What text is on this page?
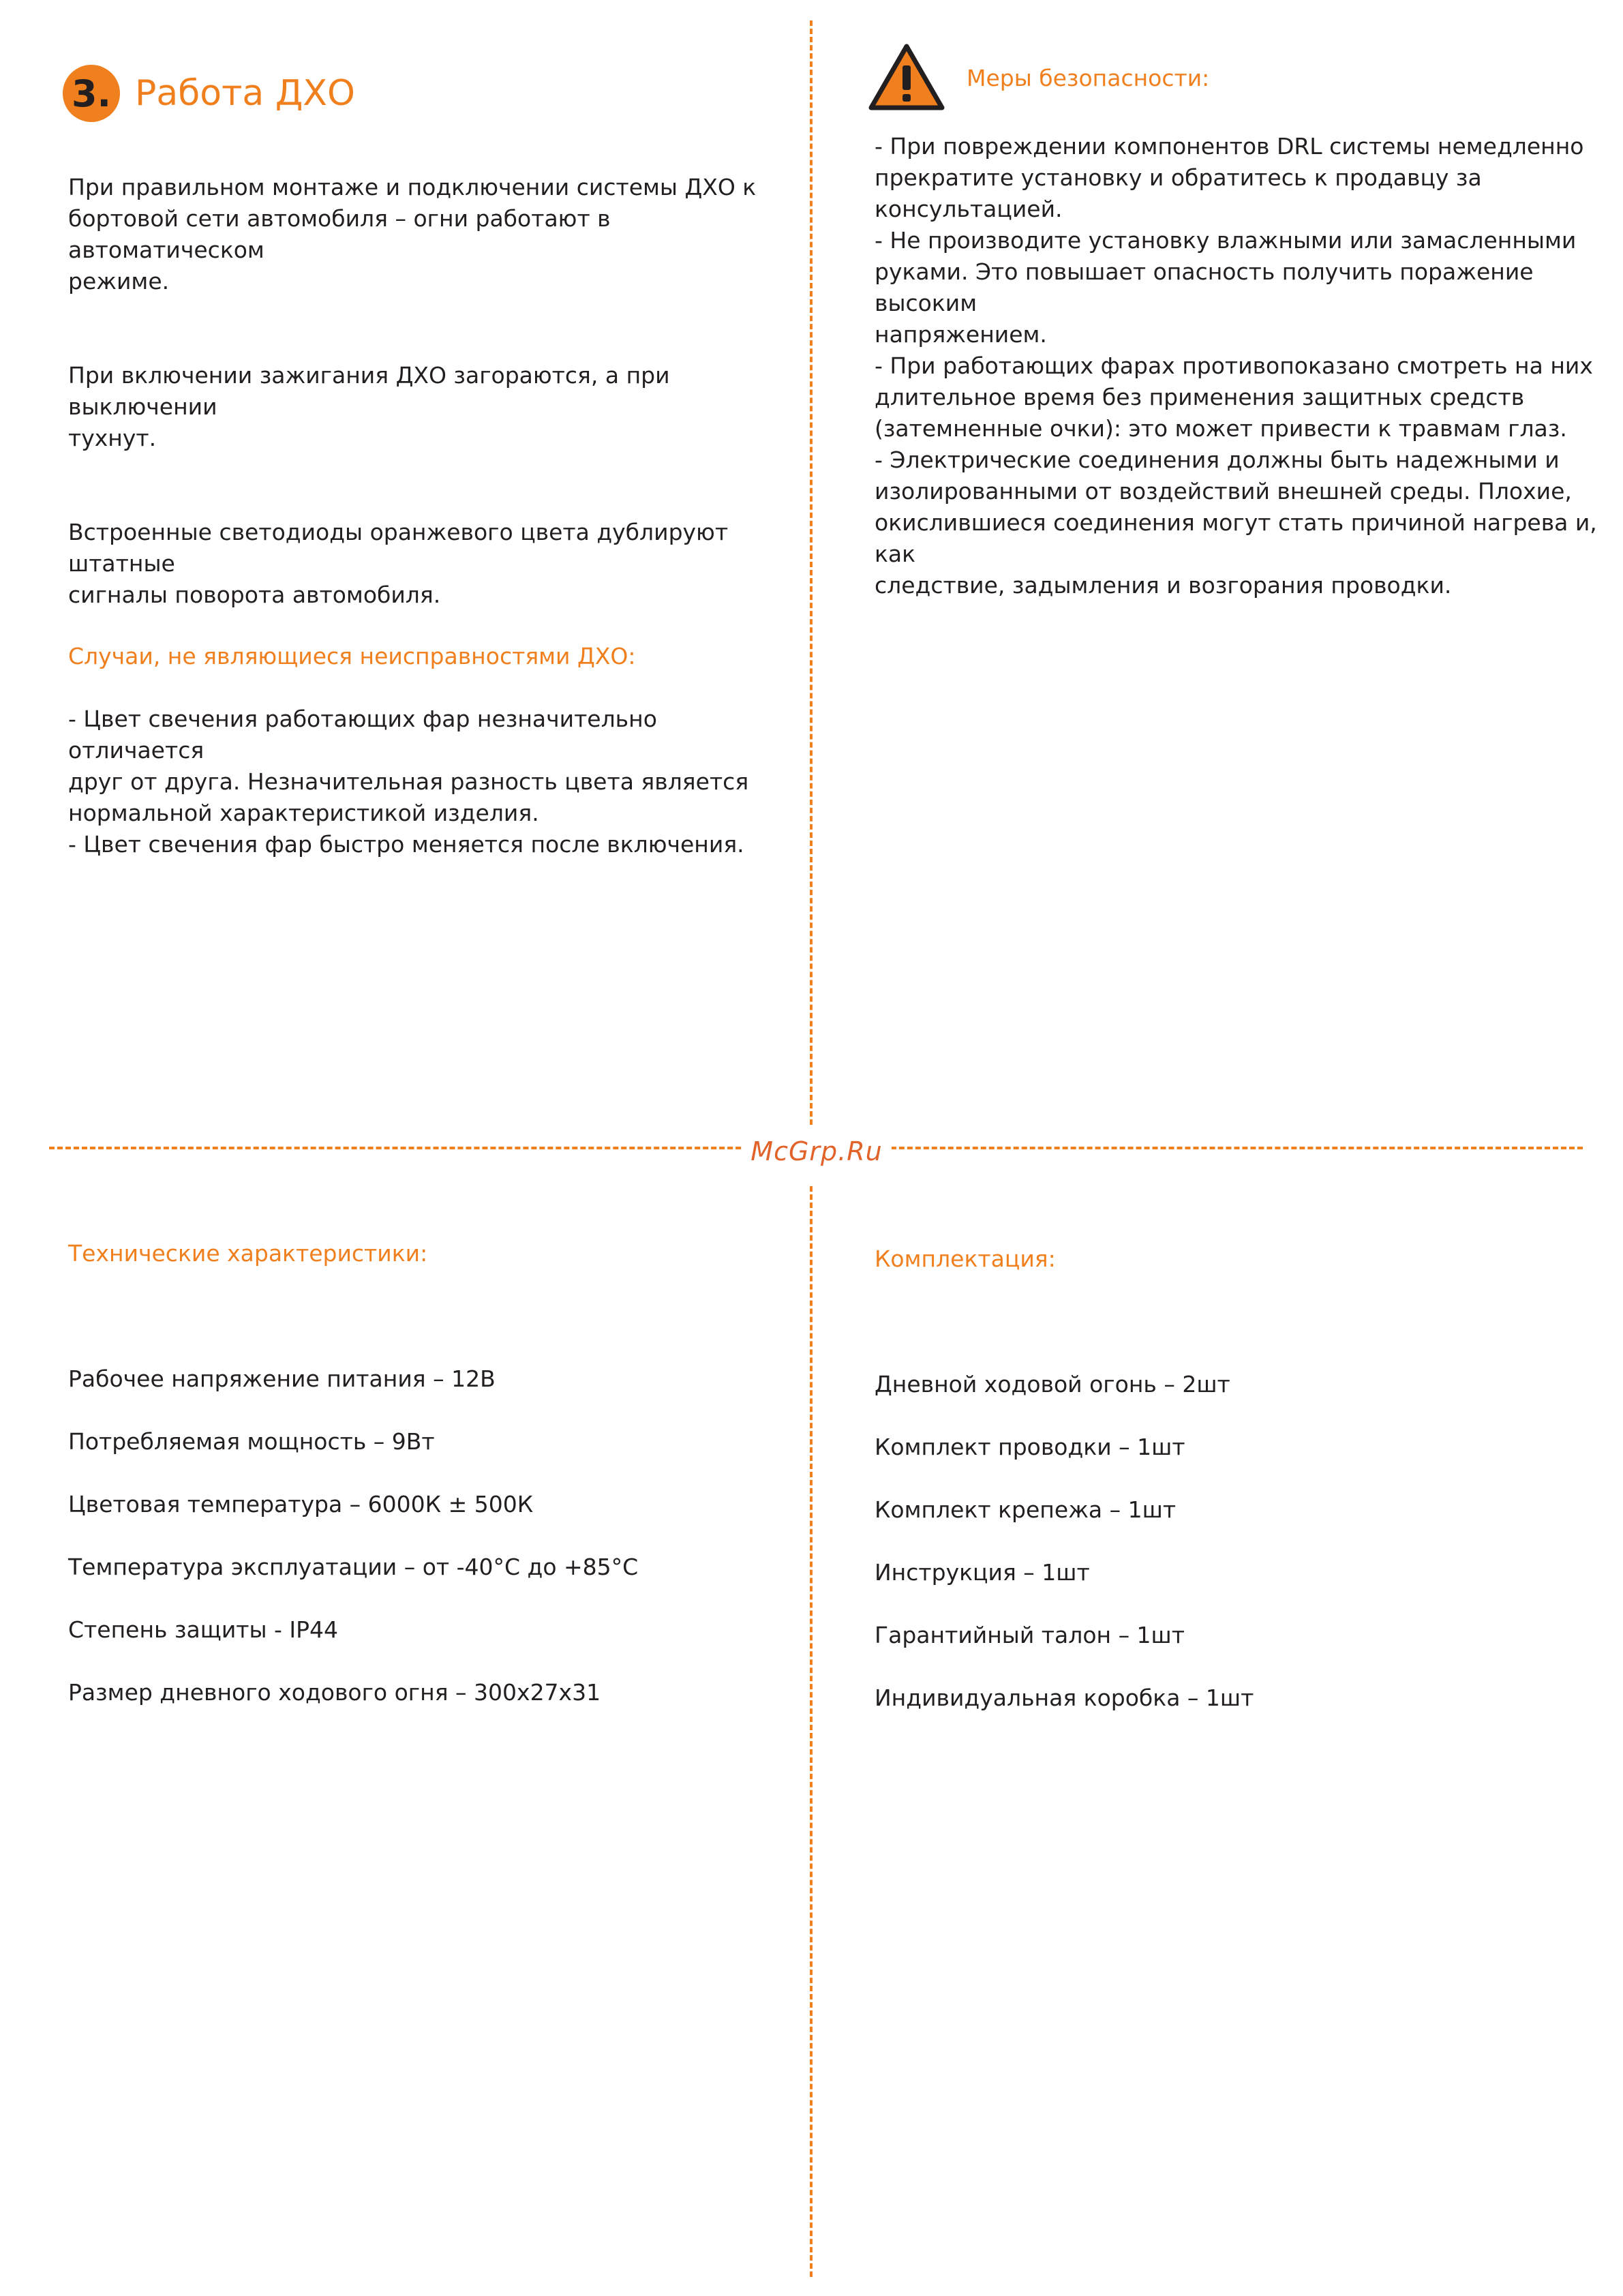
McGrp.Ru
3. Работа ДХО

При правильном монтаже и подключении системы ДХО к
бортовой сети автомобиля – огни работают в автоматическом
режиме.

При включении зажигания ДХО загораются, а при выключении
тухнут.

Встроенные светодиоды оранжевого цвета дублируют штатные
сигналы поворота автомобиля.

Случаи, не являющиеся неисправностями ДХО:

- Цвет свечения работающих фар незначительно отличается
друг от друга. Незначительная разность цвета является
нормальной характеристикой изделия.
- Цвет свечения фар быстро меняется после включения.

Меры безопасности:
- При повреждении компонентов DRL системы немедленно
прекратите установку и обратитесь к продавцу за
консультацией.
- Не производите установку влажными или замасленными
руками. Это повышает опасность получить поражение высоким
напряжением.
- При работающих фарах противопоказано смотреть на них
длительное время без применения защитных средств
(затемненные очки): это может привести к травмам глаз.
- Электрические соединения должны быть надежными и
изолированными от воздействий внешней среды. Плохие,
окислившиеся соединения могут стать причиной нагрева и, как
следствие, задымления и возгорания проводки.

Технические характеристики:

Рабочее напряжение питания – 12В

Потребляемая мощность – 9Вт

Цветовая температура – 6000К ± 500К

Температура эксплуатации – от -40°С до +85°С

Степень защиты - IP44

Размер дневного ходового огня – 300х27х31

Комплектация:

Дневной ходовой огонь – 2шт

Комплект проводки – 1шт

Комплект крепежа – 1шт

Инструкция – 1шт

Гарантийный талон – 1шт

Индивидуальная коробка – 1шт
